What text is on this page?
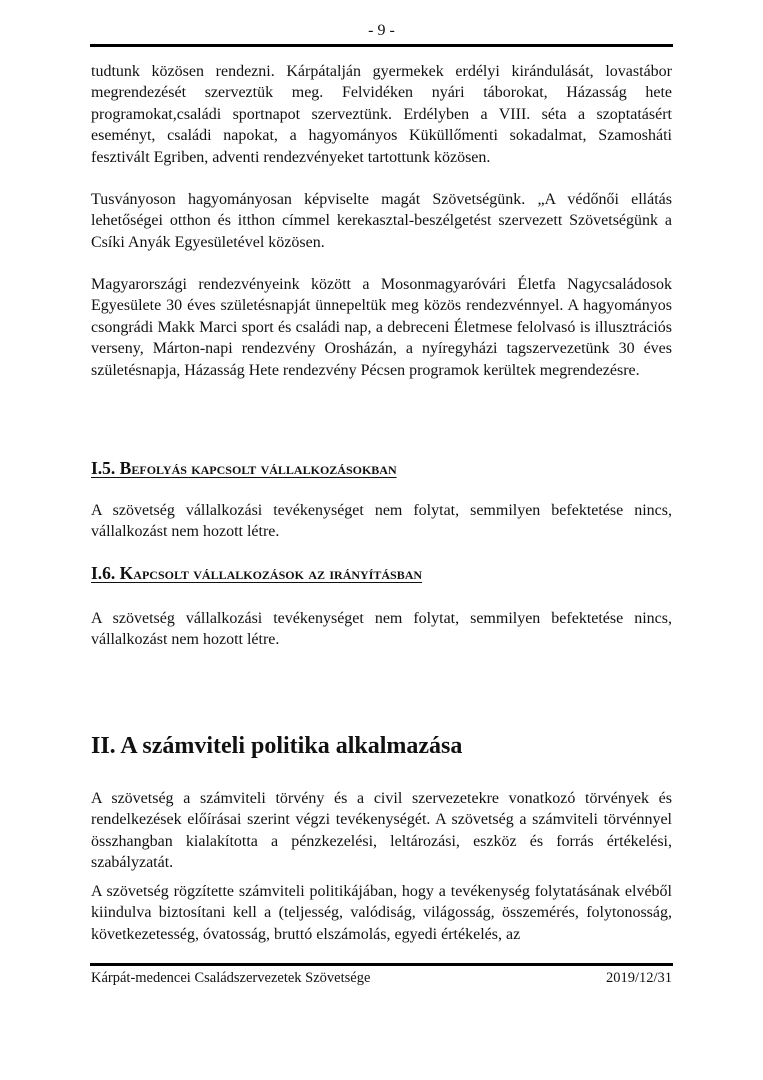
- 9 -

tudtunk közösen rendezni. Kárpátalján gyermekek erdélyi kirándulását, lovastábor megrendezését szerveztük meg. Felvidéken nyári táborokat, Házasság hete programokat,családi sportnapot szerveztünk. Erdélyben a VIII. séta a szoptatásért eseményt, családi napokat, a hagyományos Küküllőmenti sokadalmat, Szamosháti fesztivált Egriben, adventi rendezvényeket tartottunk közösen.

Tusványoson hagyományosan képviselte magát Szövetségünk. „A védőnői ellátás lehetőségei otthon és itthon címmel kerekasztal-beszélgetést szervezett Szövetségünk a Csíki Anyák Egyesületével közösen.

Magyarországi rendezvényeink között a Mosonmagyaróvári Életfa Nagycsaládosok Egyesülete 30 éves születésnapját ünnepeltük meg közös rendezvénnyel. A hagyományos csongrádi Makk Marci sport és családi nap, a debreceni Életmese felolvasó is illusztrációs verseny, Márton-napi rendezvény Orosházán, a nyíregyházi tagszervezetünk 30 éves születésnapja, Házasság Hete rendezvény Pécsen programok kerültek megrendezésre.

I.5. Befolyás kapcsolt vállalkozásokban

A szövetség vállalkozási tevékenységet nem folytat, semmilyen befektetése nincs, vállalkozást nem hozott létre.

I.6. Kapcsolt vállalkozások az irányításban

A szövetség vállalkozási tevékenységet nem folytat, semmilyen befektetése nincs, vállalkozást nem hozott létre.

II. A számviteli politika alkalmazása

A szövetség a számviteli törvény és a civil szervezetekre vonatkozó törvények és rendelkezések előírásai szerint végzi tevékenységét. A szövetség a számviteli törvénnyel összhangban kialakította a pénzkezelési, leltározási, eszköz és forrás értékelési, szabályzatát.

A szövetség rögzítette számviteli politikájában, hogy a tevékenység folytatásának elvéből kiindulva biztosítani kell a (teljesség, valódiság, világosság, összemérés, folytonosság, következetesség, óvatosság, bruttó elszámolás, egyedi értékelés, az

Kárpát-medencei Családszervezetek Szövetsége	2019/12/31
